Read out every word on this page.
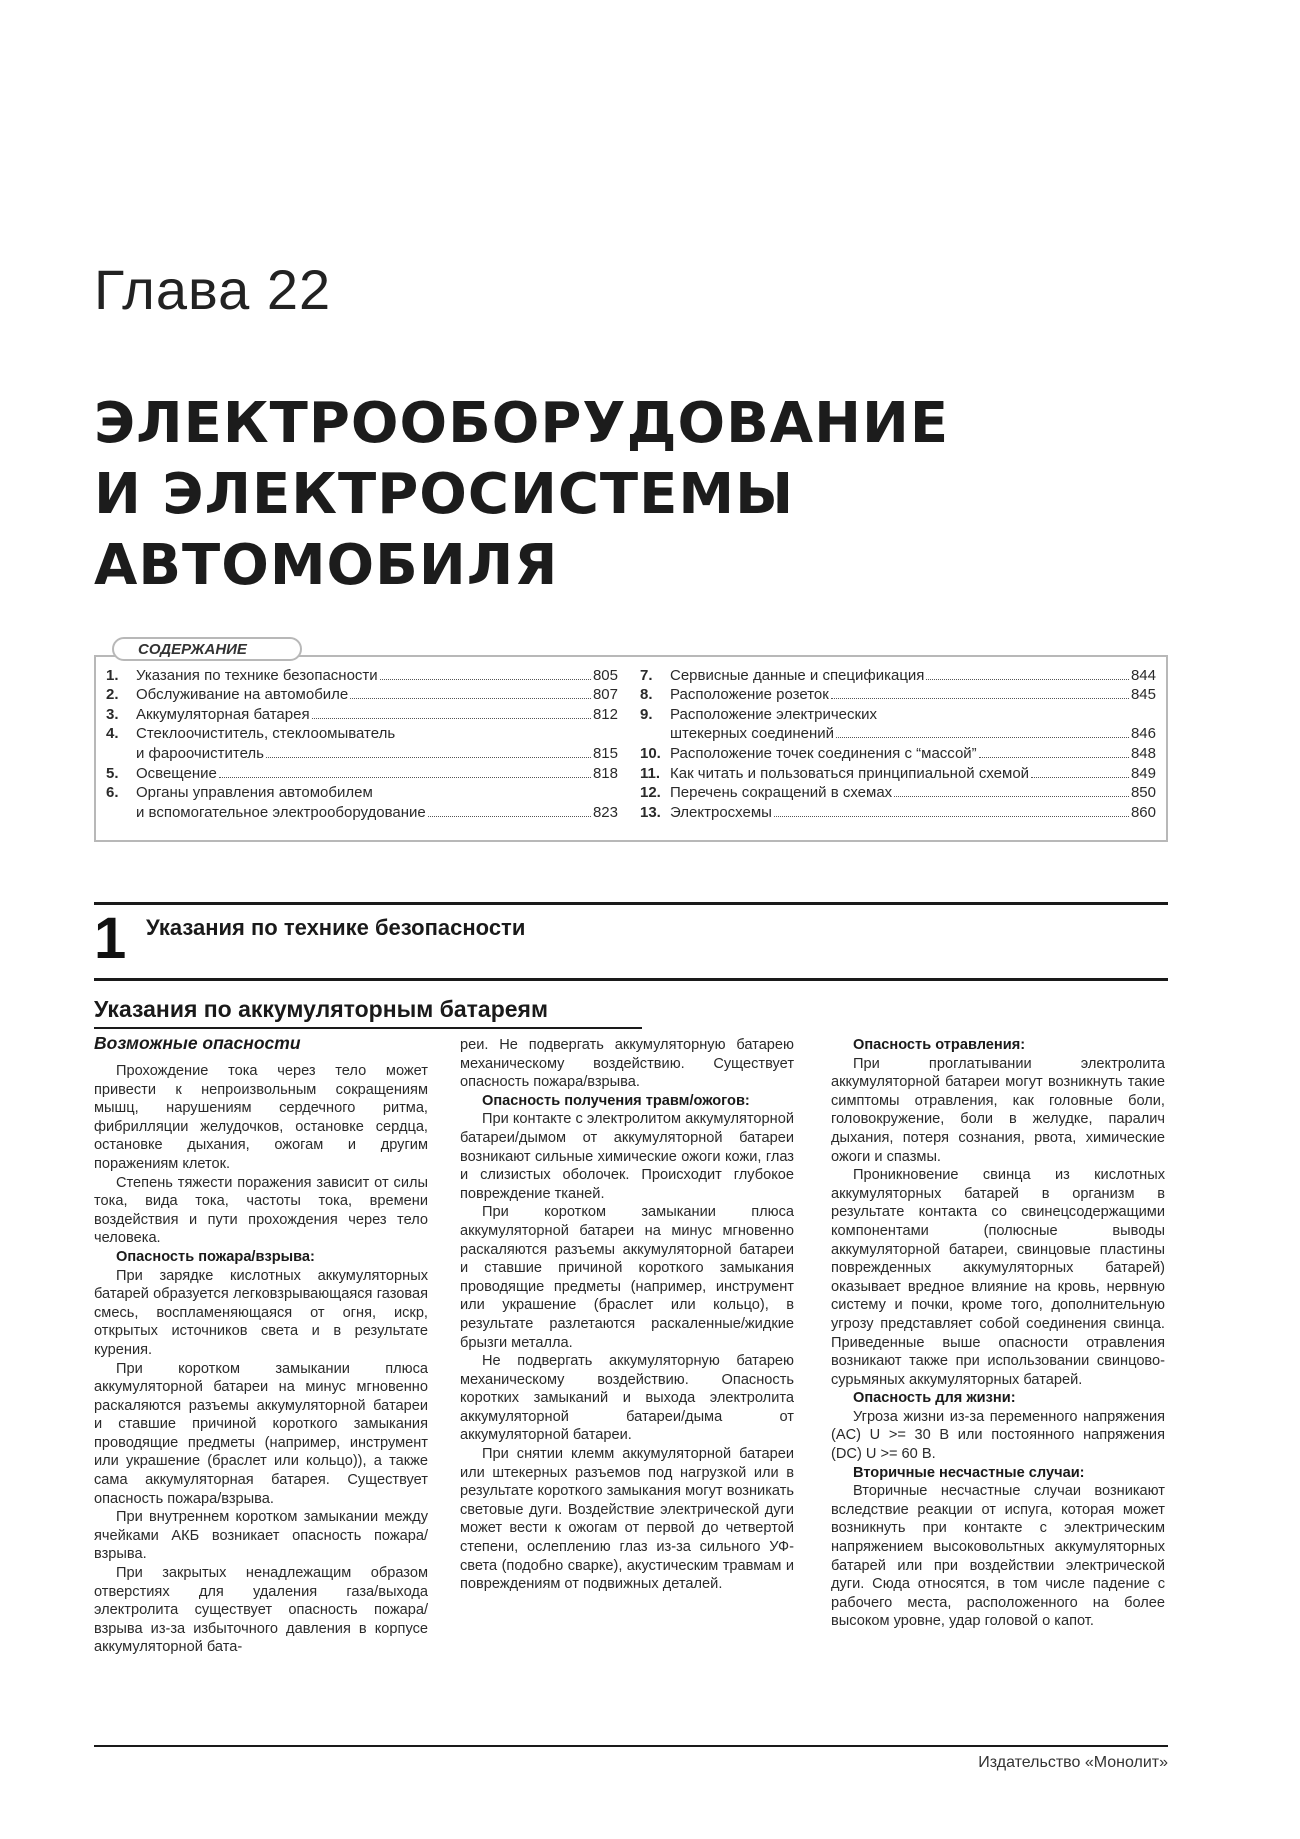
Глава 22
ЭЛЕКТРООБОРУДОВАНИЕ
И ЭЛЕКТРОСИСТЕМЫ
АВТОМОБИЛЯ
СОДЕРЖАНИЕ
1.	Указания по технике безопасности	805
2.	Обслуживание на автомобиле	807
3.	Аккумуляторная батарея	812
4.	Стеклоочиститель, стеклоомыватель
и фароочиститель	815
5.	Освещение	818
6.	Органы управления автомобилем
и вспомогательное электрооборудование	823
7.	Сервисные данные и спецификация	844
8.	Расположение розеток	845
9.	Расположение электрических
штекерных соединений	846
10. Расположение точек соединения с “массой”	848
11. Как читать и пользоваться принципиальной схемой	849
12. Перечень сокращений в схемах	850
13. Электросхемы	860
1 Указания по технике безопасности
Указания по аккумуляторным батареям
Возможные опасности

Прохождение тока через тело может привести к непроизвольным сокращениям мышц, нарушениям сердечного ритма, фибрилляции желудочков, остановке сердца, остановке дыхания, ожогам и другим поражениям клеток.

Степень тяжести поражения зависит от силы тока, вида тока, частоты тока, времени воздействия и пути прохождения через тело человека.

Опасность пожара/взрыва:

При зарядке кислотных аккумуляторных батарей образуется легковзрывающаяся газовая смесь, воспламеняющаяся от огня, искр, открытых источников света и в результате курения.

При коротком замыкании плюса аккумуляторной батареи на минус мгновенно раскаляются разъемы аккумуляторной батареи и ставшие причиной короткого замыкания проводящие предметы (например, инструмент или украшение (браслет или кольцо)), а также сама аккумуляторная батарея. Существует опасность пожара/взрыва.

При внутреннем коротком замыкании между ячейками АКБ возникает опасность пожара/взрыва.

При закрытых ненадлежащим образом отверстиях для удаления газа/выхода электролита существует опасность пожара/взрыва из-за избыточного давления в корпусе аккумуляторной бата-

реи. Не подвергать аккумуляторную батарею механическому воздействию. Существует опасность пожара/взрыва.

Опасность получения травм/ожогов:

При контакте с электролитом аккумуляторной батареи/дымом от аккумуляторной батареи возникают сильные химические ожоги кожи, глаз и слизистых оболочек. Происходит глубокое повреждение тканей.

При коротком замыкании плюса аккумуляторной батареи на минус мгновенно раскаляются разъемы аккумуляторной батареи и ставшие причиной короткого замыкания проводящие предметы (например, инструмент или украшение (браслет или кольцо), в результате разлетаются раскаленные/жидкие брызги металла.

Не подвергать аккумуляторную батарею механическому воздействию. Опасность коротких замыканий и выхода электролита аккумуляторной батареи/дыма от аккумуляторной батареи.

При снятии клемм аккумуляторной батареи или штекерных разъемов под нагрузкой или в результате короткого замыкания могут возникать световые дуги. Воздействие электрической дуги может вести к ожогам от первой до четвертой степени, ослеплению глаз из-за сильного УФ-света (подобно сварке), акустическим травмам и повреждениям от подвижных деталей.

Опасность отравления:

При проглатывании электролита аккумуляторной батареи могут возникнуть такие симптомы отравления, как головные боли, головокружение, боли в желудке, паралич дыхания, потеря сознания, рвота, химические ожоги и спазмы.

Проникновение свинца из кислотных аккумуляторных батарей в организм в результате контакта со свинецсодержащими компонентами (полюсные выводы аккумуляторной батареи, свинцовые пластины поврежденных аккумуляторных батарей) оказывает вредное влияние на кровь, нервную систему и почки, кроме того, дополнительную угрозу представляет собой соединения свинца. Приведенные выше опасности отравления возникают также при использовании свинцово-сурьмяных аккумуляторных батарей.

Опасность для жизни:

Угроза жизни из-за переменного напряжения (AC) U >= 30 В или постоянного напряжения (DC) U >= 60 В.

Вторичные несчастные случаи:

Вторичные несчастные случаи возникают вследствие реакции от испуга, которая может возникнуть при контакте с электрическим напряжением высоковольтных аккумуляторных батарей или при воздействии электрической дуги. Сюда относятся, в том числе падение с рабочего места, расположенного на более высоком уровне, удар головой о капот.

Издательство «Монолит»
